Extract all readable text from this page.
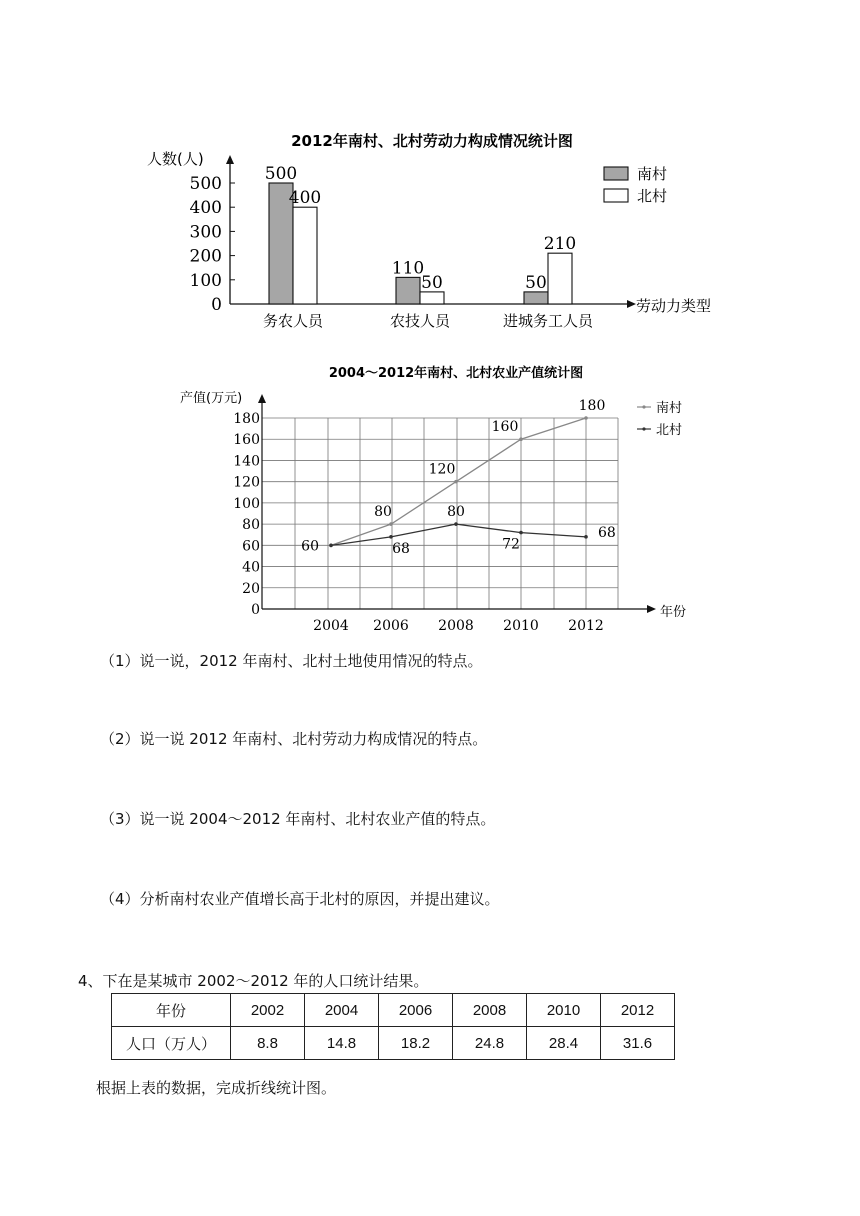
2012年南村、北村劳动力构成情况统计图
人数(人)
劳动力类型
0
100
200
300
400
500	500
400
务农人员
110
50
农技人员
50
210
进城务工人员
南村
北村
2004～2012年南村、北村农业产值统计图
0
20
40
60
80
100
120
140
160
180
产值(万元)
年份
2004 2006 2008 2010 2012
60
80
120
160
180
68
80
72
68
南村
北村
（1）说一说，2012 年南村、北村土地使用情况的特点。
（2）说一说 2012 年南村、北村劳动力构成情况的特点。
（3）说一说 2004～2012 年南村、北村农业产值的特点。
（4）分析南村农业产值增长高于北村的原因，并提出建议。
4、下在是某城市 2002～2012 年的人口统计结果。
年份	2002	2004	2006	2008	2010	2012
人口（万人）	8.8	14.8	18.2	24.8	28.4	31.6
根据上表的数据，完成折线统计图。
